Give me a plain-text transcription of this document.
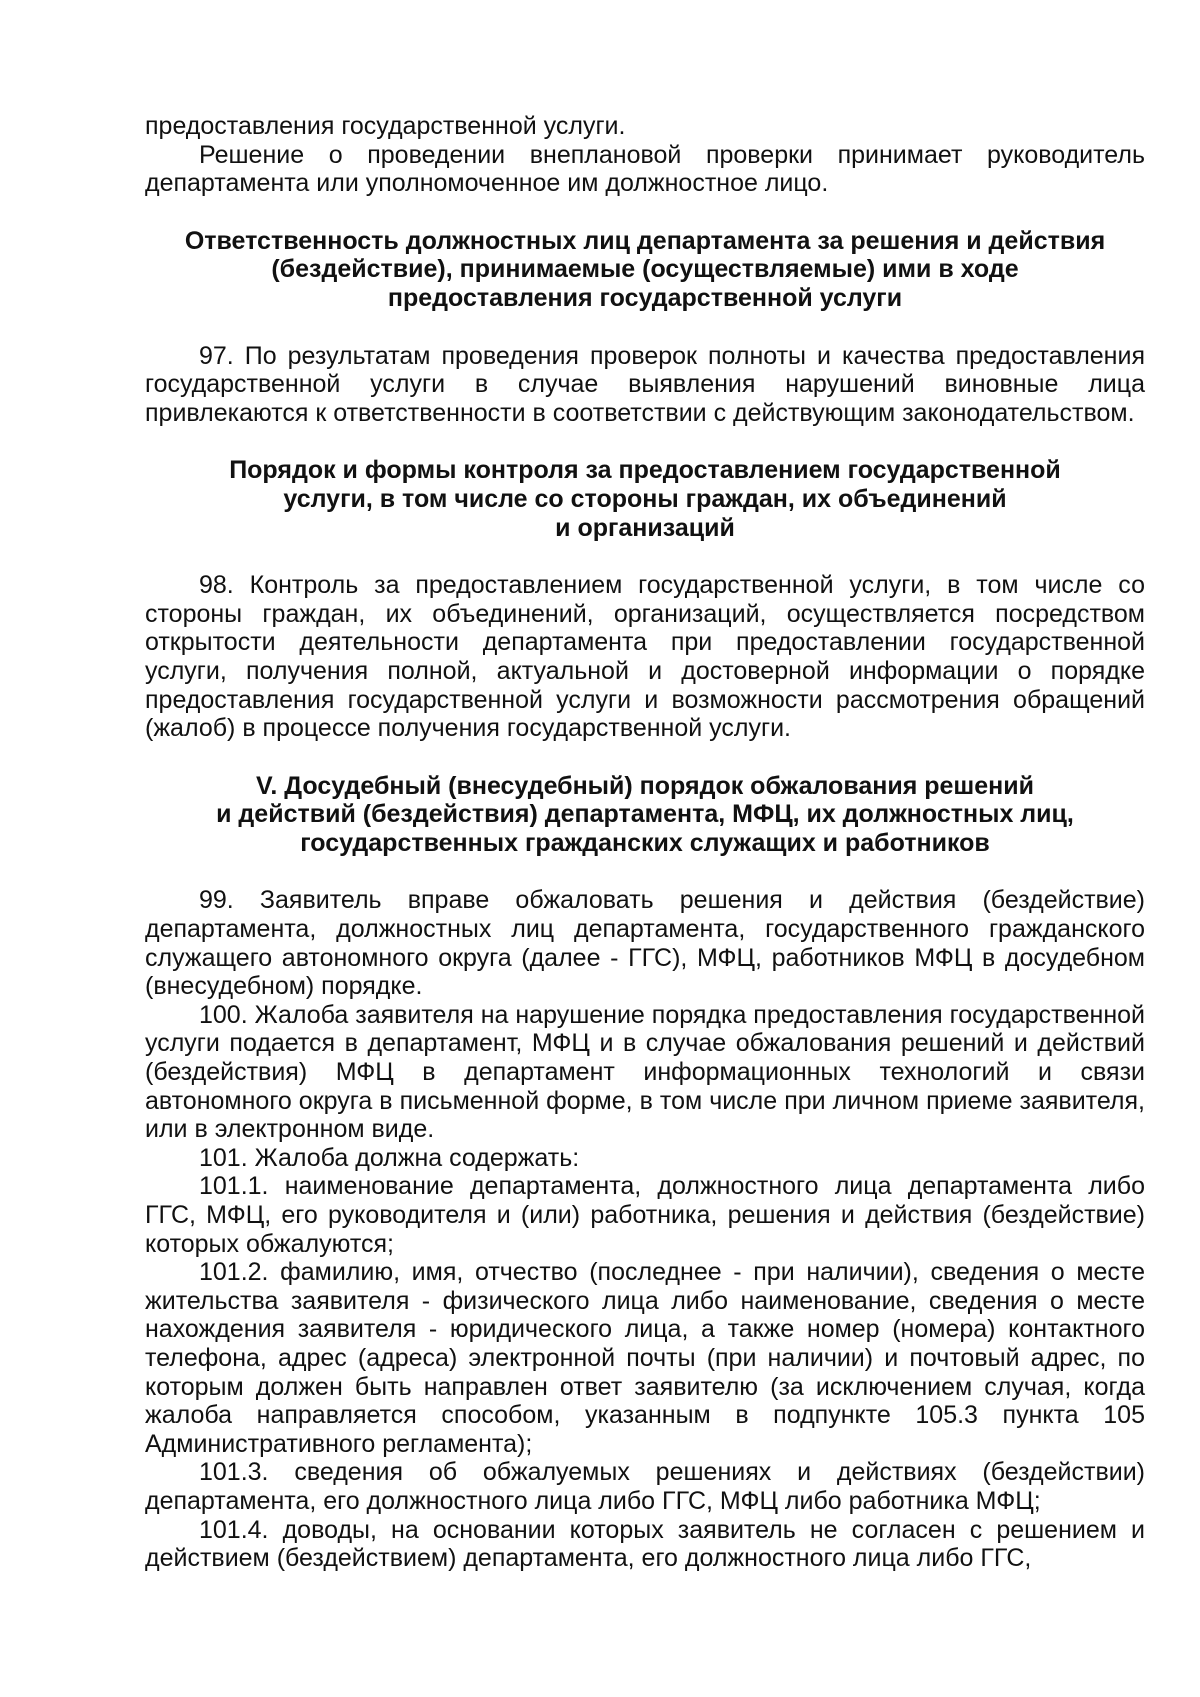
предоставления государственной услуги.

Решение о проведении внеплановой проверки принимает руководитель департамента или уполномоченное им должностное лицо.

Ответственность должностных лиц департамента за решения и действия
(бездействие), принимаемые (осуществляемые) ими в ходе
предоставления государственной услуги

97. По результатам проведения проверок полноты и качества предоставления государственной услуги в случае выявления нарушений виновные лица привлекаются к ответственности в соответствии с действующим законодательством.

Порядок и формы контроля за предоставлением государственной
услуги, в том числе со стороны граждан, их объединений
и организаций

98. Контроль за предоставлением государственной услуги, в том числе со стороны граждан, их объединений, организаций, осуществляется посредством открытости деятельности департамента при предоставлении государственной услуги, получения полной, актуальной и достоверной информации о порядке предоставления государственной услуги и возможности рассмотрения обращений (жалоб) в процессе получения государственной услуги.

V. Досудебный (внесудебный) порядок обжалования решений
и действий (бездействия) департамента, МФЦ, их должностных лиц,
государственных гражданских служащих и работников

99. Заявитель вправе обжаловать решения и действия (бездействие) департамента, должностных лиц департамента, государственного гражданского служащего автономного округа (далее - ГГС), МФЦ, работников МФЦ в досудебном (внесудебном) порядке.

100. Жалоба заявителя на нарушение порядка предоставления государственной услуги подается в департамент, МФЦ и в случае обжалования решений и действий (бездействия) МФЦ в департамент информационных технологий и связи автономного округа в письменной форме, в том числе при личном приеме заявителя, или в электронном виде.

101. Жалоба должна содержать:

101.1. наименование департамента, должностного лица департамента либо ГГС, МФЦ, его руководителя и (или) работника, решения и действия (бездействие) которых обжалуются;

101.2. фамилию, имя, отчество (последнее - при наличии), сведения о месте жительства заявителя - физического лица либо наименование, сведения о месте нахождения заявителя - юридического лица, а также номер (номера) контактного телефона, адрес (адреса) электронной почты (при наличии) и почтовый адрес, по которым должен быть направлен ответ заявителю (за исключением случая, когда жалоба направляется способом, указанным в подпункте 105.3 пункта 105 Административного регламента);

101.3. сведения об обжалуемых решениях и действиях (бездействии) департамента, его должностного лица либо ГГС, МФЦ либо работника МФЦ;

101.4. доводы, на основании которых заявитель не согласен с решением и действием (бездействием) департамента, его должностного лица либо ГГС,
